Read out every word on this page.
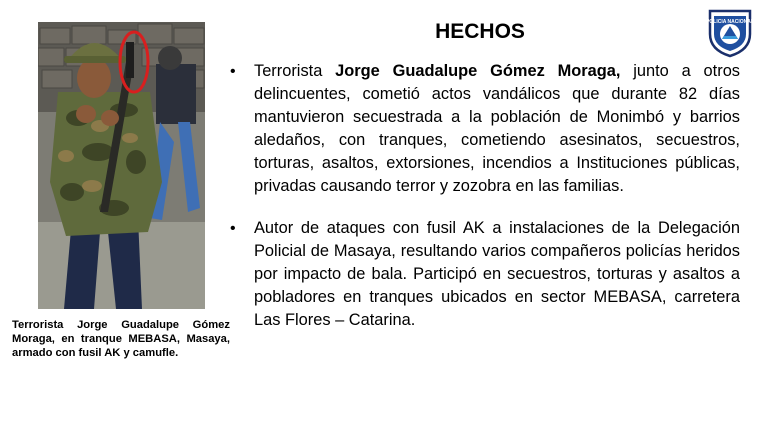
Terrorista Jorge Guadalupe Gómez Moraga, en tranque MEBASA, Masaya, armado con fusil AK y camufle.
HECHOS	POLICIA NACIONAL
• Terrorista Jorge Guadalupe Gómez Moraga, junto a otros delincuentes, cometió actos vandálicos que durante 82 días mantuvieron secuestrada a la población de Monimbó y barrios aledaños, con tranques, cometiendo asesinatos, secuestros, torturas, asaltos, extorsiones, incendios a Instituciones públicas, privadas causando terror y zozobra en las familias.
• Autor de ataques con fusil AK a instalaciones de la Delegación Policial de Masaya, resultando varios compañeros policías heridos por impacto de bala. Participó en secuestros, torturas y asaltos a pobladores en tranques ubicados en sector MEBASA, carretera Las Flores – Catarina.
